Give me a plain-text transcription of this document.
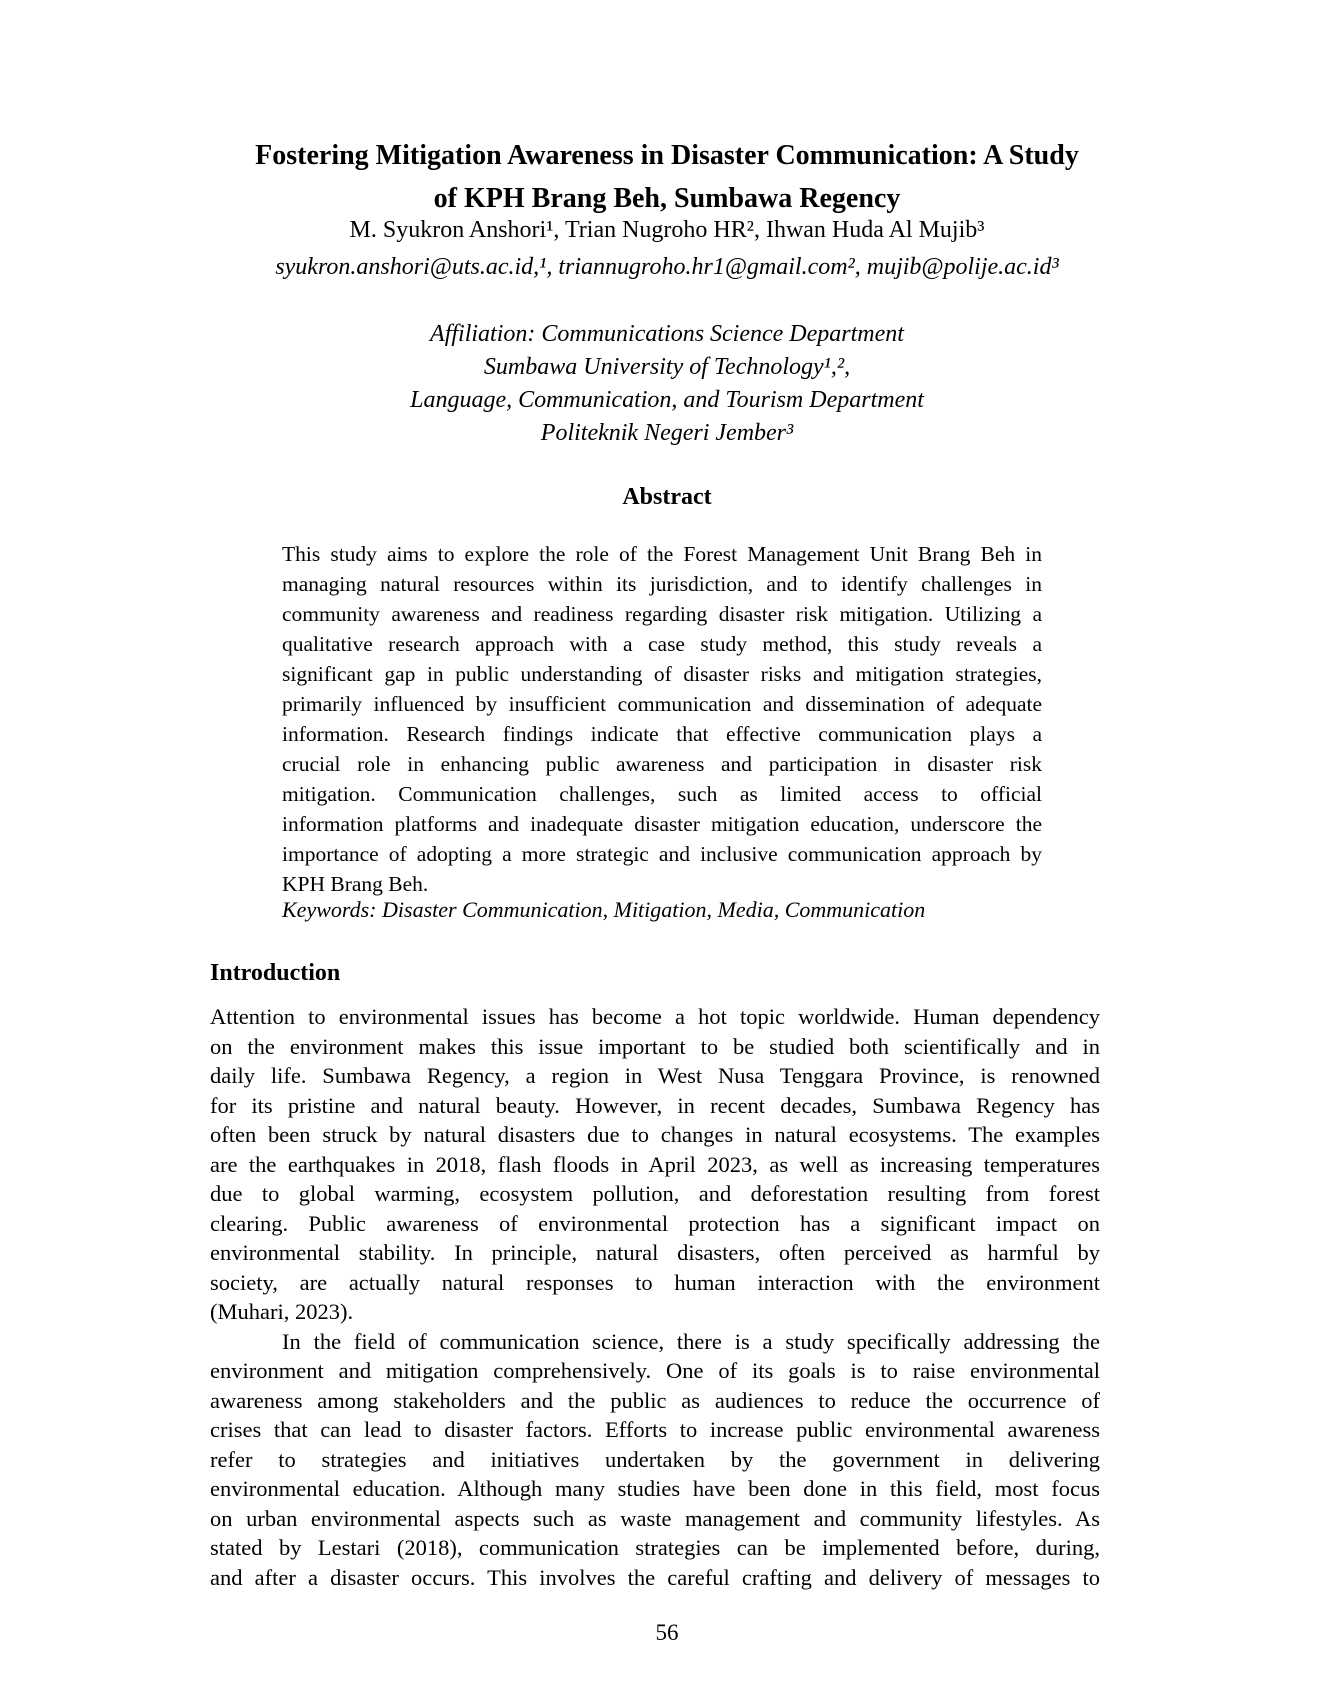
Fostering Mitigation Awareness in Disaster Communication: A Study
of KPH Brang Beh, Sumbawa Regency
M. Syukron Anshori¹, Trian Nugroho HR², Ihwan Huda Al Mujib³
syukron.anshori@uts.ac.id,¹, triannugroho.hr1@gmail.com², mujib@polije.ac.id³
Affiliation: Communications Science Department
Sumbawa University of Technology¹,²,
Language, Communication, and Tourism Department
Politeknik Negeri Jember³
Abstract
This study aims to explore the role of the Forest Management Unit Brang Beh in
managing natural resources within its jurisdiction, and to identify challenges in
community awareness and readiness regarding disaster risk mitigation. Utilizing a
qualitative research approach with a case study method, this study reveals a
significant gap in public understanding of disaster risks and mitigation strategies,
primarily influenced by insufficient communication and dissemination of adequate
information. Research findings indicate that effective communication plays a
crucial role in enhancing public awareness and participation in disaster risk
mitigation. Communication challenges, such as limited access to official
information platforms and inadequate disaster mitigation education, underscore the
importance of adopting a more strategic and inclusive communication approach by
KPH Brang Beh.
Keywords: Disaster Communication, Mitigation, Media, Communication
Introduction
Attention to environmental issues has become a hot topic worldwide. Human dependency
on the environment makes this issue important to be studied both scientifically and in
daily life. Sumbawa Regency, a region in West Nusa Tenggara Province, is renowned
for its pristine and natural beauty. However, in recent decades, Sumbawa Regency has
often been struck by natural disasters due to changes in natural ecosystems. The examples
are the earthquakes in 2018, flash floods in April 2023, as well as increasing temperatures
due to global warming, ecosystem pollution, and deforestation resulting from forest
clearing. Public awareness of environmental protection has a significant impact on
environmental stability. In principle, natural disasters, often perceived as harmful by
society, are actually natural responses to human interaction with the environment
(Muhari, 2023).
In the field of communication science, there is a study specifically addressing the
environment and mitigation comprehensively. One of its goals is to raise environmental
awareness among stakeholders and the public as audiences to reduce the occurrence of
crises that can lead to disaster factors. Efforts to increase public environmental awareness
refer to strategies and initiatives undertaken by the government in delivering
environmental education. Although many studies have been done in this field, most focus
on urban environmental aspects such as waste management and community lifestyles. As
stated by Lestari (2018), communication strategies can be implemented before, during,
and after a disaster occurs. This involves the careful crafting and delivery of messages to
56
